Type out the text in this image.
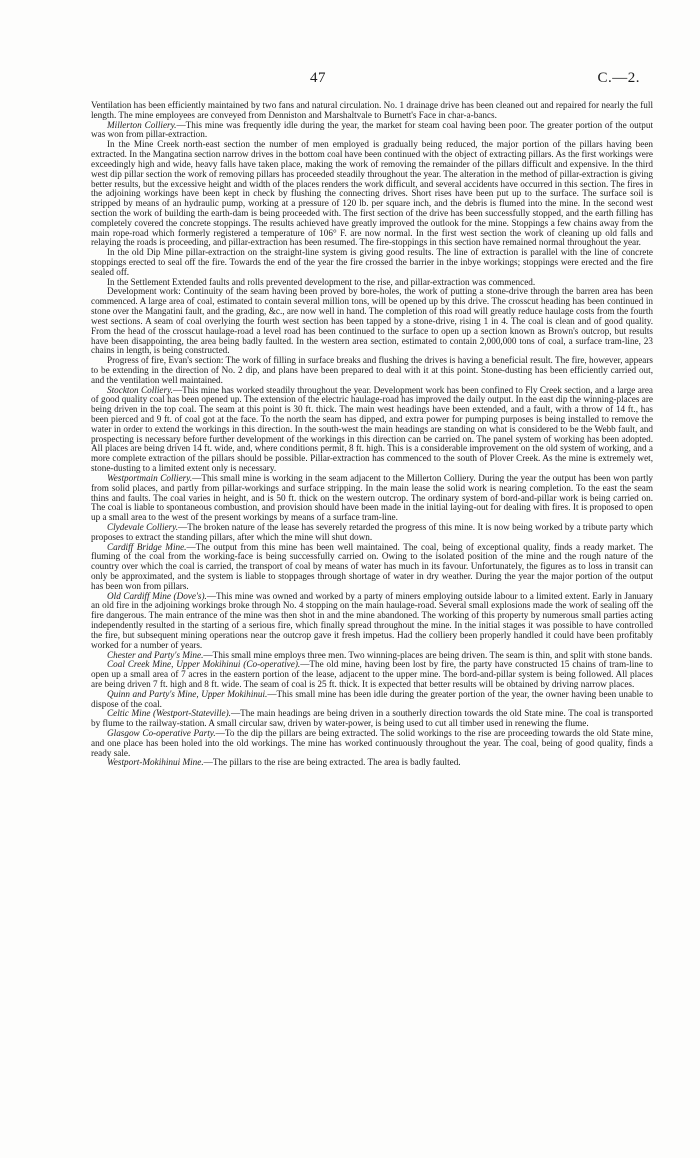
47	C.—2.

Ventilation has been efficiently maintained by two fans and natural circulation. No. 1 drainage drive has been cleaned out and repaired for nearly the full length. The mine employees are conveyed from Denniston and Marshaltvale to Burnett's Face in char-a-bancs.

Millerton Colliery.—This mine was frequently idle during the year, the market for steam coal having been poor. The greater portion of the output was won from pillar-extraction.

In the Mine Creek north-east section the number of men employed is gradually being reduced, the major portion of the pillars having been extracted. In the Mangatina section narrow drives in the bottom coal have been continued with the object of extracting pillars. As the first workings were exceedingly high and wide, heavy falls have taken place, making the work of removing the remainder of the pillars difficult and expensive. In the third west dip pillar section the work of removing pillars has proceeded steadily throughout the year. The alteration in the method of pillar-extraction is giving better results, but the excessive height and width of the places renders the work difficult, and several accidents have occurred in this section. The fires in the adjoining workings have been kept in check by flushing the connecting drives. Short rises have been put up to the surface. The surface soil is stripped by means of an hydraulic pump, working at a pressure of 120 lb. per square inch, and the debris is flumed into the mine. In the second west section the work of building the earth-dam is being proceeded with. The first section of the drive has been successfully stopped, and the earth filling has completely covered the concrete stoppings. The results achieved have greatly improved the outlook for the mine. Stoppings a few chains away from the main rope-road which formerly registered a temperature of 106° F. are now normal. In the first west section the work of cleaning up old falls and relaying the roads is proceeding, and pillar-extraction has been resumed. The fire-stoppings in this section have remained normal throughout the year.

In the old Dip Mine pillar-extraction on the straight-line system is giving good results. The line of extraction is parallel with the line of concrete stoppings erected to seal off the fire. Towards the end of the year the fire crossed the barrier in the inbye workings; stoppings were erected and the fire sealed off.

In the Settlement Extended faults and rolls prevented development to the rise, and pillar-extraction was commenced.

Development work: Continuity of the seam having been proved by bore-holes, the work of putting a stone-drive through the barren area has been commenced. A large area of coal, estimated to contain several million tons, will be opened up by this drive. The crosscut heading has been continued in stone over the Mangatini fault, and the grading, &c., are now well in hand. The completion of this road will greatly reduce haulage costs from the fourth west sections. A seam of coal overlying the fourth west section has been tapped by a stone-drive, rising 1 in 4. The coal is clean and of good quality. From the head of the crosscut haulage-road a level road has been continued to the surface to open up a section known as Brown's outcrop, but results have been disappointing, the area being badly faulted. In the western area section, estimated to contain 2,000,000 tons of coal, a surface tram-line, 23 chains in length, is being constructed.

Progress of fire, Evan's section: The work of filling in surface breaks and flushing the drives is having a beneficial result. The fire, however, appears to be extending in the direction of No. 2 dip, and plans have been prepared to deal with it at this point. Stone-dusting has been efficiently carried out, and the ventilation well maintained.

Stockton Colliery.—This mine has worked steadily throughout the year. Development work has been confined to Fly Creek section, and a large area of good quality coal has been opened up. The extension of the electric haulage-road has improved the daily output. In the east dip the winning-places are being driven in the top coal. The seam at this point is 30 ft. thick. The main west headings have been extended, and a fault, with a throw of 14 ft., has been pierced and 9 ft. of coal got at the face. To the north the seam has dipped, and extra power for pumping purposes is being installed to remove the water in order to extend the workings in this direction. In the south-west the main headings are standing on what is considered to be the Webb fault, and prospecting is necessary before further development of the workings in this direction can be carried on. The panel system of working has been adopted. All places are being driven 14 ft. wide, and, where conditions permit, 8 ft. high. This is a considerable improvement on the old system of working, and a more complete extraction of the pillars should be possible. Pillar-extraction has commenced to the south of Plover Creek. As the mine is extremely wet, stone-dusting to a limited extent only is necessary.

Westportmain Colliery.—This small mine is working in the seam adjacent to the Millerton Colliery. During the year the output has been won partly from solid places, and partly from pillar-workings and surface stripping. In the main lease the solid work is nearing completion. To the east the seam thins and faults. The coal varies in height, and is 50 ft. thick on the western outcrop. The ordinary system of bord-and-pillar work is being carried on. The coal is liable to spontaneous combustion, and provision should have been made in the initial laying-out for dealing with fires. It is proposed to open up a small area to the west of the present workings by means of a surface tram-line.

Clydevale Colliery.—The broken nature of the lease has severely retarded the progress of this mine. It is now being worked by a tribute party which proposes to extract the standing pillars, after which the mine will shut down.

Cardiff Bridge Mine.—The output from this mine has been well maintained. The coal, being of exceptional quality, finds a ready market. The fluming of the coal from the working-face is being successfully carried on. Owing to the isolated position of the mine and the rough nature of the country over which the coal is carried, the transport of coal by means of water has much in its favour. Unfortunately, the figures as to loss in transit can only be approximated, and the system is liable to stoppages through shortage of water in dry weather. During the year the major portion of the output has been won from pillars.

Old Cardiff Mine (Dove's).—This mine was owned and worked by a party of miners employing outside labour to a limited extent. Early in January an old fire in the adjoining workings broke through No. 4 stopping on the main haulage-road. Several small explosions made the work of sealing off the fire dangerous. The main entrance of the mine was then shot in and the mine abandoned. The working of this property by numerous small parties acting independently resulted in the starting of a serious fire, which finally spread throughout the mine. In the initial stages it was possible to have controlled the fire, but subsequent mining operations near the outcrop gave it fresh impetus. Had the colliery been properly handled it could have been profitably worked for a number of years.

Chester and Party's Mine.—This small mine employs three men. Two winning-places are being driven. The seam is thin, and split with stone bands.

Coal Creek Mine, Upper Mokihinui (Co-operative).—The old mine, having been lost by fire, the party have constructed 15 chains of tram-line to open up a small area of 7 acres in the eastern portion of the lease, adjacent to the upper mine. The bord-and-pillar system is being followed. All places are being driven 7 ft. high and 8 ft. wide. The seam of coal is 25 ft. thick. It is expected that better results will be obtained by driving narrow places.

Quinn and Party's Mine, Upper Mokihinui.—This small mine has been idle during the greater portion of the year, the owner having been unable to dispose of the coal.

Celtic Mine (Westport-Stateville).—The main headings are being driven in a southerly direction towards the old State mine. The coal is transported by flume to the railway-station. A small circular saw, driven by water-power, is being used to cut all timber used in renewing the flume.

Glasgow Co-operative Party.—To the dip the pillars are being extracted. The solid workings to the rise are proceeding towards the old State mine, and one place has been holed into the old workings. The mine has worked continuously throughout the year. The coal, being of good quality, finds a ready sale.

Westport-Mokihinui Mine.—The pillars to the rise are being extracted. The area is badly faulted.
